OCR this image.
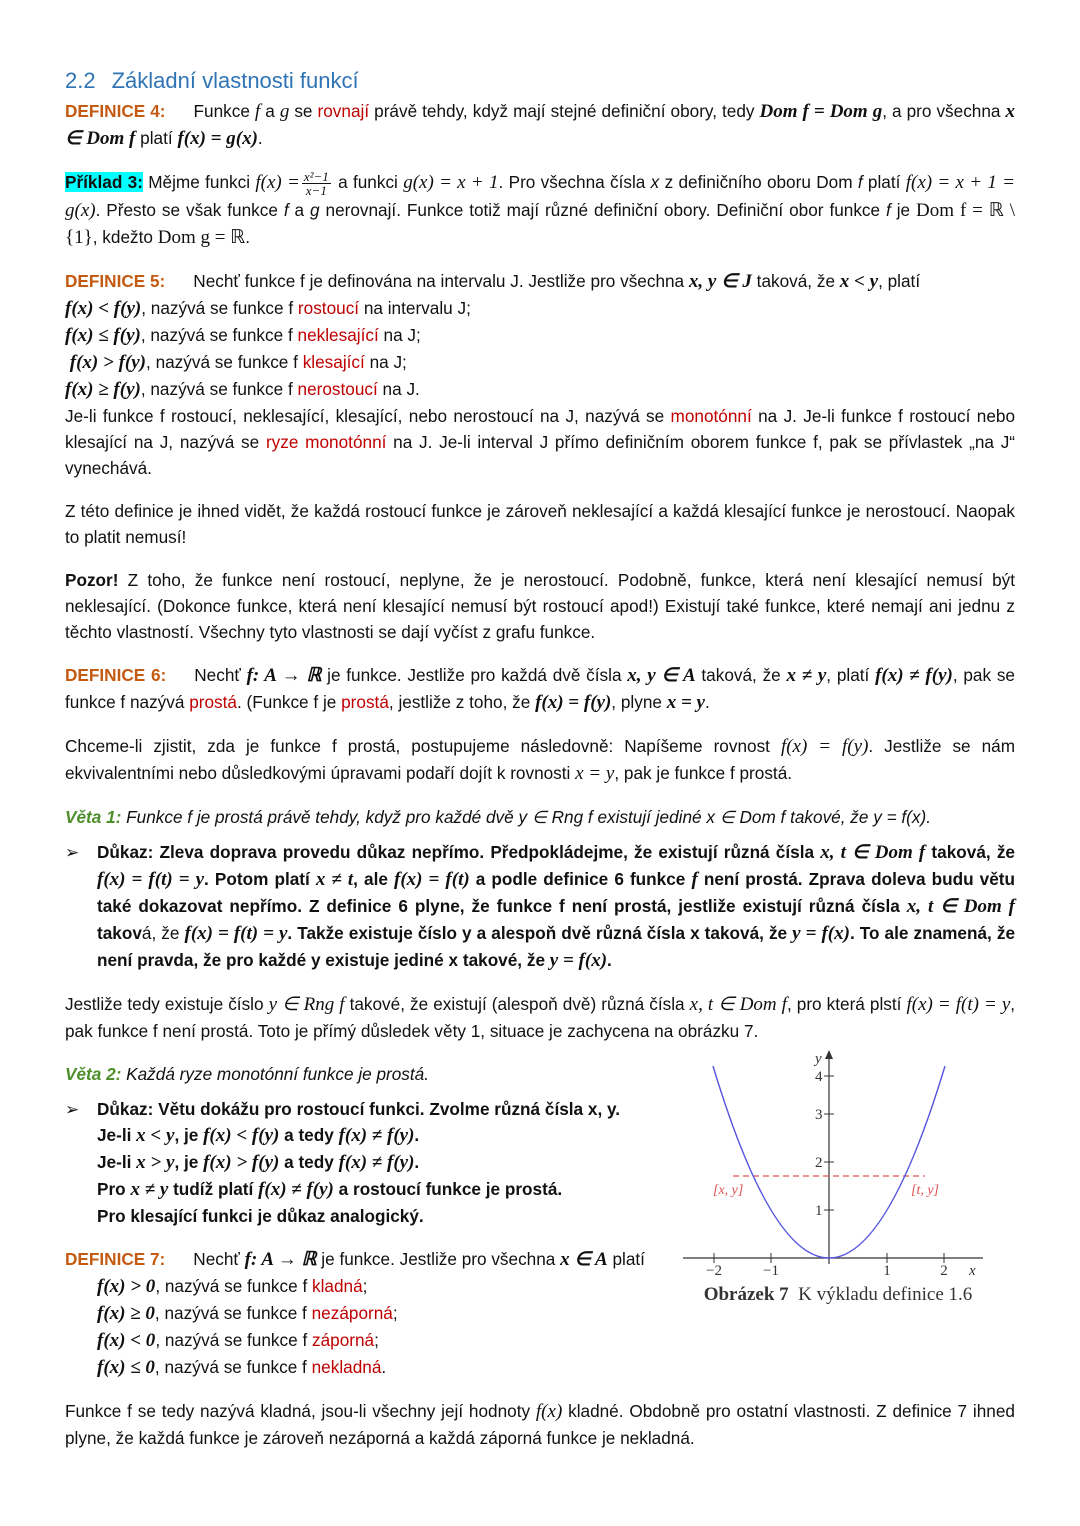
2.2 Základní vlastnosti funkcí

DEFINICE 4: Funkce f a g se rovnají právě tehdy, když mají stejné definiční obory, tedy Dom f = Dom g, a pro všechna x ∈ Dom f platí f(x) = g(x).

Příklad 3: Mějme funkci $f(x) = \frac{\text{x²−1}}{x-1}$ a funkci g(x) = x + 1. Pro všechna čísla x z definičního oboru Dom f platí f(x) = x + 1 = g(x). Přesto se však funkce f a g nerovnají. Funkce totiž mají různé definiční obory. Definiční obor funkce f je Dom f = ℝ \ {1}, kdežto Dom g = ℝ.

DEFINICE 5: Nechť funkce f je definována na intervalu J. Jestliže pro všechna x, y ∈ J taková, že x < y, platí

f(x) < f(y), nazývá se funkce f rostoucí na intervalu J;
f(x) ≤ f(y), nazývá se funkce f neklesající na J;
f(x) > f(y), nazývá se funkce f klesající na J;
f(x) ≥ f(y), nazývá se funkce f nerostoucí na J.

Je-li funkce f rostoucí, neklesající, klesající, nebo nerostoucí na J, nazývá se monotónní na J. Je-li funkce f rostoucí nebo klesající na J, nazývá se ryze monotónní na J. Je-li interval J přímo definičním oborem funkce f, pak se přívlastek „na J“ vynechává.

Z této definice je ihned vidět, že každá rostoucí funkce je zároveň neklesající a každá klesající funkce je nerostoucí. Naopak to platit nemusí!

Pozor! Z toho, že funkce není rostoucí, neplyne, že je nerostoucí. Podobně, funkce, která není klesající nemusí být neklesající. (Dokonce funkce, která není klesající nemusí být rostoucí apod!) Existují také funkce, které nemají ani jednu z těchto vlastností. Všechny tyto vlastnosti se dají vyčíst z grafu funkce.

DEFINICE 6: Nechť f: A → ℝ je funkce. Jestliže pro každá dvě čísla x, y ∈ A taková, že x ≠ y, platí f(x) ≠ f(y), pak se funkce f nazývá prostá. (Funkce f je prostá, jestliže z toho, že f(x) = f(y), plyne x = y.

Chceme-li zjistit, zda je funkce f prostá, postupujeme následovně: Napíšeme rovnost f(x) = f(y). Jestliže se nám ekvivalentními nebo důsledkovými úpravami podaří dojít k rovnosti x = y, pak je funkce f prostá.

Věta 1: Funkce f je prostá právě tehdy, když pro každé dvě y ∈ Rng f existují jediné x ∈ Dom f takové, že y = f(x).

➢ Důkaz: Zleva doprava provedu důkaz nepřímo. Předpokládejme, že existují různá čísla x, t ∈ Dom f taková, že f(x) = f(t) = y. Potom platí x ≠ t, ale f(x) = f(t) a podle definice 6 funkce f není prostá. Zprava doleva budu větu také dokazovat nepřímo. Z definice 6 plyne, že funkce f není prostá, jestliže existují různá čísla x, t ∈ Dom f taková, že f(x) = f(t) = y. Takže existuje číslo y a alespoň dvě různá čísla x taková, že y = f(x). To ale znamená, že není pravda, že pro každé y existuje jediné x takové, že y = f(x).

Jestliže tedy existuje číslo y ∈ Rng f takové, že existují (alespoň dvě) různá čísla x, t ∈ Dom f, pro která plstí f(x) = f(t) = y, pak funkce f není prostá. Toto je přímý důsledek věty 1, situace je zachycena na obrázku 7.

Věta 2: Každá ryze monotónní funkce je prostá.

➢ Důkaz: Větu dokážu pro rostoucí funkci. Zvolme různá čísla x, y.
Je-li x < y, je f(x) < f(y) a tedy f(x) ≠ f(y).
Je-li x > y, je f(x) > f(y) a tedy f(x) ≠ f(y).
Pro x ≠ y tudíž platí f(x) ≠ f(y) a rostoucí funkce je prostá.
Pro klesající funkci je důkaz analogický.
DEFINICE 7: Nechť f: A → ℝ je funkce. Jestliže pro všechna x ∈ A platí
f(x) > 0, nazývá se funkce f kladná;
f(x) ≥ 0, nazývá se funkce f nezáporná;
f(x) < 0, nazývá se funkce f záporná;
f(x) ≤ 0, nazývá se funkce f nekladná.

Funkce f se tedy nazývá kladná, jsou-li všechny její hodnoty f(x) kladné. Obdobně pro ostatní vlastnosti. Z definice 7 ihned plyne, že každá funkce je zároveň nezáporná a každá záporná funkce je nekladná.

−2	−1	1	2 x
1
2
3
4
y
[x, y]	[t, y]
Obrázek 7 K výkladu definice 1.6
